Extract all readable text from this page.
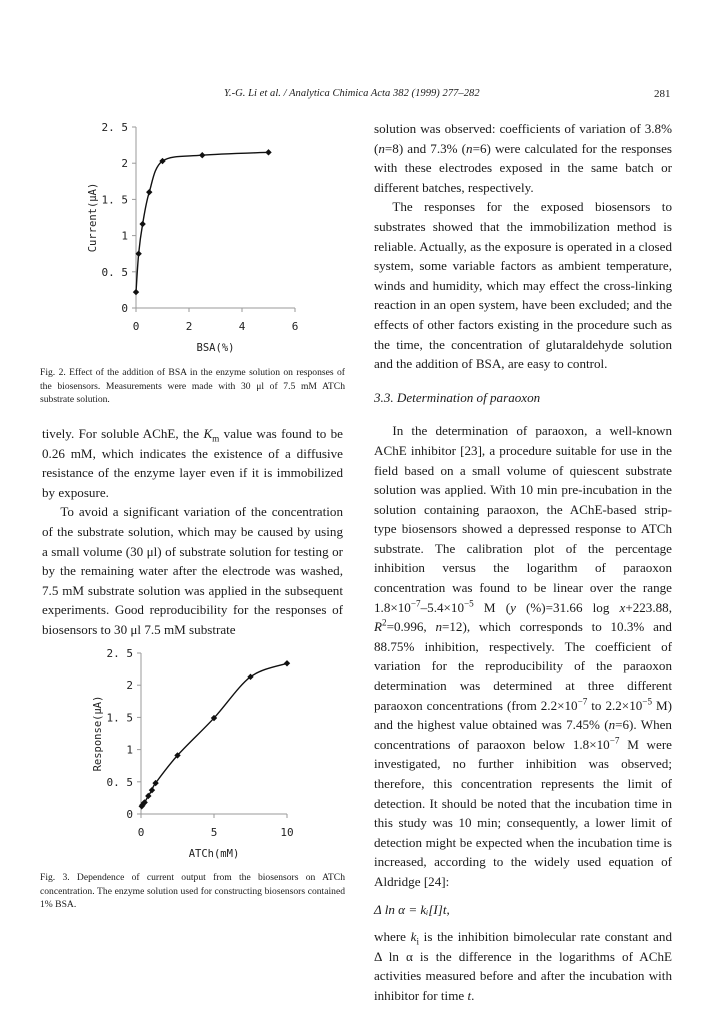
Y.-G. Li et al. / Analytica Chimica Acta 382 (1999) 277–282	281
0
0. 5
1
1. 5
2
2. 5
0	2	4	6
BSA(%)
Current(μA)
Fig. 2. Effect of the addition of BSA in the enzyme solution on responses of the biosensors. Measurements were made with 30 μl of 7.5 mM ATCh substrate solution.

tively. For soluble AChE, the $K_m$ value was found to be 0.26 mM, which indicates the existence of a diffusive resistance of the enzyme layer even if it is immobilized by exposure.

To avoid a significant variation of the concentration of the substrate solution, which may be caused by using a small volume (30 μl) of substrate solution for testing or by the remaining water after the electrode was washed, 7.5 mM substrate solution was applied in the subsequent experiments. Good reproducibility for the responses of biosensors to 30 μl 7.5 mM substrate

0
0. 5
1
1. 5
2
2. 5
0	5	10
ATCh(mM)
Response(μA)
Fig. 3. Dependence of current output from the biosensors on ATCh concentration. The enzyme solution used for constructing biosensors contained 1% BSA.

solution was observed: coefficients of variation of 3.8% (n=8) and 7.3% (n=6) were calculated for the responses with these electrodes exposed in the same batch or different batches, respectively.

The responses for the exposed biosensors to substrates showed that the immobilization method is reliable. Actually, as the exposure is operated in a closed system, some variable factors as ambient temperature, winds and humidity, which may effect the cross-linking reaction in an open system, have been excluded; and the effects of other factors existing in the procedure such as the time, the concentration of glutaraldehyde solution and the addition of BSA, are easy to control.

3.3. Determination of paraoxon

In the determination of paraoxon, a well-known AChE inhibitor [23], a procedure suitable for use in the field based on a small volume of quiescent substrate solution was applied. With 10 min pre-incubation in the solution containing paraoxon, the AChE-based strip-type biosensors showed a depressed response to ATCh substrate. The calibration plot of the percentage inhibition versus the logarithm of paraoxon concentration was found to be linear over the range $1.8\times 10^{-7}-5.4\times 10^{-5}$ M (y (%)=31.66 log x+223.88, $R^2=0.996$, n=12), which corresponds to 10.3% and 88.75% inhibition, respectively. The coefficient of variation for the reproducibility of the paraoxon determination was determined at three different paraoxon concentrations (from $2.2\times 10^{-7}$ to $2.2\times 10^{-5}$ M) and the highest value obtained was 7.45% (n=6). When concentrations of paraoxon below $1.8\times 10^{-7}$ M were investigated, no further inhibition was observed; therefore, this concentration represents the limit of detection. It should be noted that the incubation time in this study was 10 min; consequently, a lower limit of detection might be expected when the incubation time is increased, according to the widely used equation of Aldridge [24]:

Δ ln α = kᵢ[I]t,

where $k_i$ is the inhibition bimolecular rate constant and Δ ln α is the difference in the logarithms of AChE activities measured before and after the incubation with inhibitor for time t.
